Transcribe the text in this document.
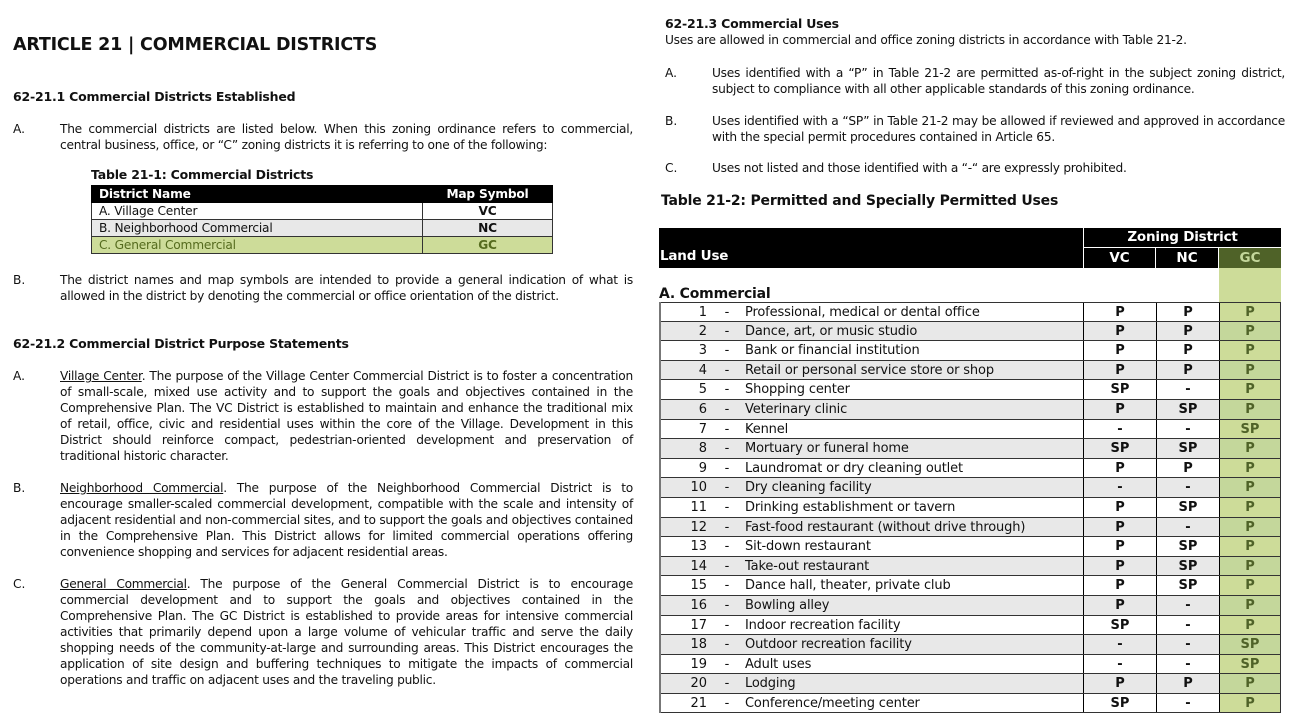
ARTICLE 21 | COMMERCIAL DISTRICTS
62-21.1 Commercial Districts Established
A.	The commercial districts are listed below. When this zoning ordinance refers to commercial, central business, office, or “C” zoning districts it is referring to one of the following:
Table 21-1: Commercial Districts
District Name	Map Symbol
A. Village Center	VC
B. Neighborhood Commercial	NC
C. General Commercial	GC
B.	The district names and map symbols are intended to provide a general indication of what is allowed in the district by denoting the commercial or office orientation of the district.
62-21.2 Commercial District Purpose Statements
A.	Village Center. The purpose of the Village Center Commercial District is to foster a concentration of small-scale, mixed use activity and to support the goals and objectives contained in the Comprehensive Plan. The VC District is established to maintain and enhance the traditional mix of retail, office, civic and residential uses within the core of the Village. Development in this District should reinforce compact, pedestrian-oriented development and preservation of traditional historic character.
B.	Neighborhood Commercial. The purpose of the Neighborhood Commercial District is to encourage smaller-scaled commercial development, compatible with the scale and intensity of adjacent residential and non-commercial sites, and to support the goals and objectives contained in the Comprehensive Plan. This District allows for limited commercial operations offering convenience shopping and services for adjacent residential areas.
C.	General Commercial. The purpose of the General Commercial District is to encourage commercial development and to support the goals and objectives contained in the Comprehensive Plan. The GC District is established to provide areas for intensive commercial activities that primarily depend upon a large volume of vehicular traffic and serve the daily shopping needs of the community-at-large and surrounding areas. This District encourages the application of site design and buffering techniques to mitigate the impacts of commercial operations and traffic on adjacent uses and the traveling public.
62-21.3 Commercial Uses
Uses are allowed in commercial and office zoning districts in accordance with Table 21-2.
A.	Uses identified with a “P” in Table 21-2 are permitted as-of-right in the subject zoning district, subject to compliance with all other applicable standards of this zoning ordinance.
B.	Uses identified with a “SP” in Table 21-2 may be allowed if reviewed and approved in accordance with the special permit procedures contained in Article 65.
C.	Uses not listed and those identified with a “-“ are expressly prohibited.
Table 21-2: Permitted and Specially Permitted Uses
Land Use
Zoning District
VC	NC	GC
A. Commercial
1	-	Professional, medical or dental office	P	P	P
2	-	Dance, art, or music studio	P	P	P
3	-	Bank or financial institution	P	P	P
4	-	Retail or personal service store or shop	P	P	P
5	-	Shopping center	SP	-	P
6	-	Veterinary clinic	P	SP	P
7	-	Kennel	-	-	SP
8	-	Mortuary or funeral home	SP	SP	P
9	-	Laundromat or dry cleaning outlet	P	P	P
10	-	Dry cleaning facility	-	-	P
11	-	Drinking establishment or tavern	P	SP	P
12	-	Fast-food restaurant (without drive through)	P	-	P
13	-	Sit-down restaurant	P	SP	P
14	-	Take-out restaurant	P	SP	P
15	-	Dance hall, theater, private club	P	SP	P
16	-	Bowling alley	P	-	P
17	-	Indoor recreation facility	SP	-	P
18	-	Outdoor recreation facility	-	-	SP
19	-	Adult uses	-	-	SP
20	-	Lodging	P	P	P
21	-	Conference/meeting center	SP	-	P
